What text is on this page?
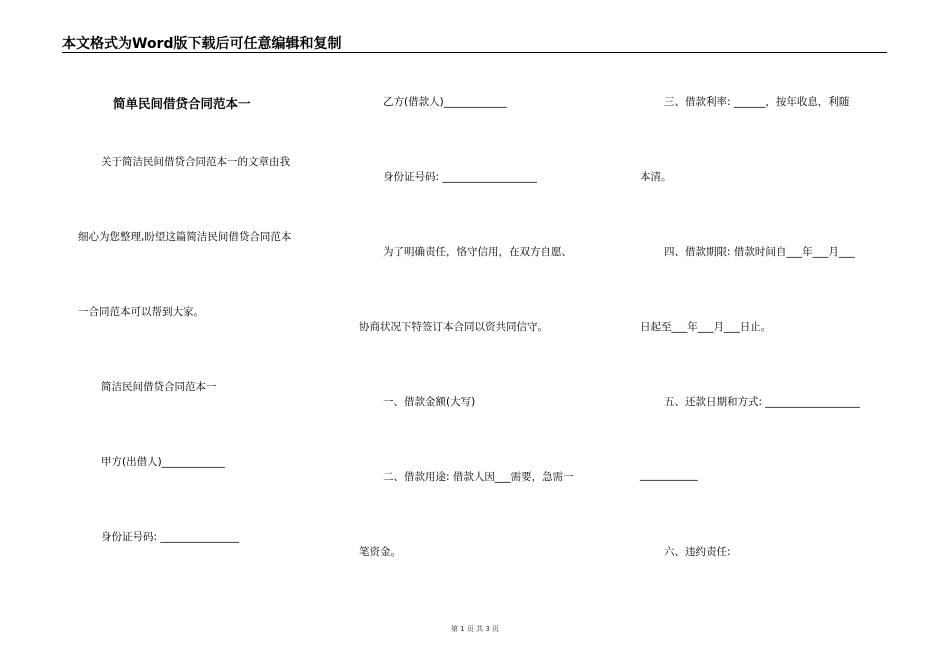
本文格式为Word版下载后可任意编辑和复制
简单民间借贷合同范本一
关于简洁民间借贷合同范本一的文章由我
细心为您整理,盼望这篇简洁民间借贷合同范本
一合同范本可以帮到大家。
简洁民间借贷合同范本一
甲方(出借人)____________
身份证号码: _______________
乙方(借款人)____________
身份证号码: __________________
为了明确责任，恪守信用，在双方自愿、
协商状况下特签订本合同以资共同信守。
一、借款金额(大写)
二、借款用途: 借款人因___需要，急需一
笔资金。
三、借款利率: ______，按年收息，利随
本清。
四、借款期限: 借款时间自___年___月___
日起至___年___月___日止。
五、还款日期和方式: __________________
___________
六、违约责任:
第 1 页 共 3 页
